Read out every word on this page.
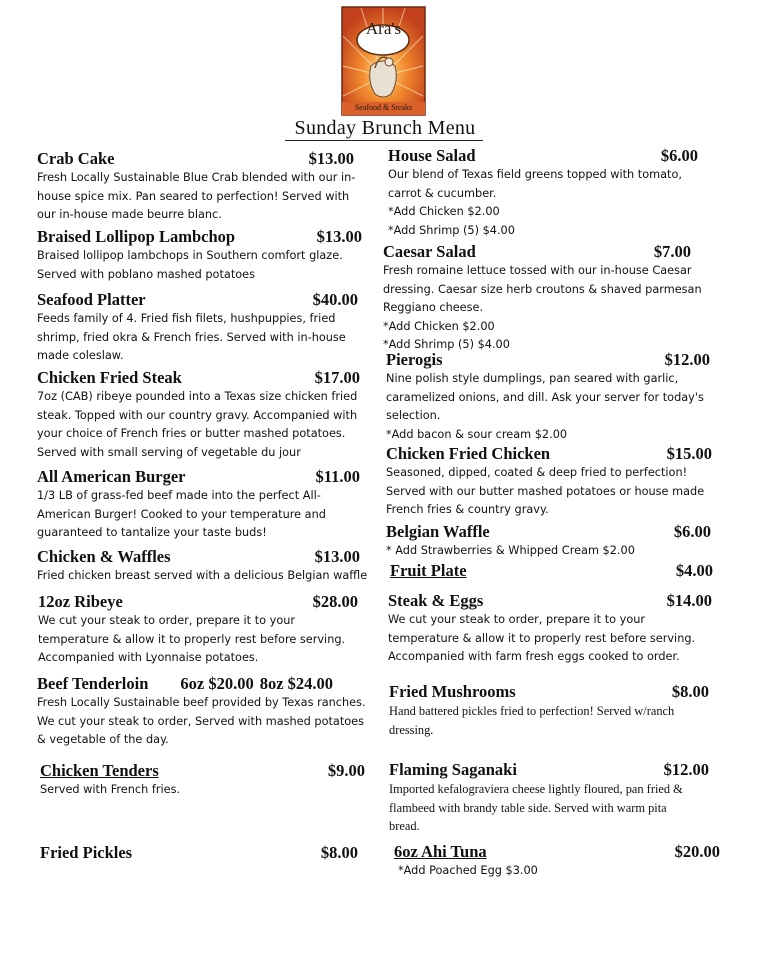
Ara's
Seafood & Steaks
Sunday Brunch Menu
Crab Cake	$13.00
Fresh Locally Sustainable Blue Crab blended with our in-
house spice mix. Pan seared to perfection! Served with
our in-house made beurre blanc.
Braised Lollipop Lambchop	$13.00
Braised lollipop lambchops in Southern comfort glaze.
Served with poblano mashed potatoes
Seafood Platter	$40.00
Feeds family of 4. Fried fish filets, hushpuppies, fried
shrimp, fried okra & French fries. Served with in-house
made coleslaw.
Chicken Fried Steak	$17.00
7oz (CAB) ribeye pounded into a Texas size chicken fried
steak. Topped with our country gravy. Accompanied with
your choice of French fries or butter mashed potatoes.
Served with small serving of vegetable du jour
All American Burger	$11.00
1/3 LB of grass-fed beef made into the perfect All-
American Burger! Cooked to your temperature and
guaranteed to tantalize your taste buds!
Chicken & Waffles	$13.00
Fried chicken breast served with a delicious Belgian waffle
12oz Ribeye	$28.00
We cut your steak to order, prepare it to your
temperature & allow it to properly rest before serving.
Accompanied with Lyonnaise potatoes.
Beef Tenderloin 6oz $20.00 8oz $24.00
Fresh Locally Sustainable beef provided by Texas ranches.
We cut your steak to order, Served with mashed potatoes
& vegetable of the day.
Chicken Tenders	$9.00
Served with French fries.
Fried Pickles	$8.00
House Salad	$6.00
Our blend of Texas field greens topped with tomato,
carrot & cucumber.
*Add Chicken $2.00
*Add Shrimp (5) $4.00
Caesar Salad	$7.00
Fresh romaine lettuce tossed with our in-house Caesar
dressing. Caesar size herb croutons & shaved parmesan
Reggiano cheese.
*Add Chicken $2.00
*Add Shrimp (5) $4.00
Pierogis	$12.00
Nine polish style dumplings, pan seared with garlic,
caramelized onions, and dill. Ask your server for today's
selection.
*Add bacon & sour cream $2.00
Chicken Fried Chicken	$15.00
Seasoned, dipped, coated & deep fried to perfection!
Served with our butter mashed potatoes or house made
French fries & country gravy.
Belgian Waffle	$6.00
* Add Strawberries & Whipped Cream $2.00
Fruit Plate	$4.00
Steak & Eggs	$14.00
We cut your steak to order, prepare it to your
temperature & allow it to properly rest before serving.
Accompanied with farm fresh eggs cooked to order.
Fried Mushrooms	$8.00
Hand battered pickles fried to perfection! Served w/ranch
dressing.
Flaming Saganaki	$12.00
Imported kefalograviera cheese lightly floured, pan fried &
flambeed with brandy table side. Served with warm pita
bread.
6oz Ahi Tuna	$20.00
*Add Poached Egg $3.00
